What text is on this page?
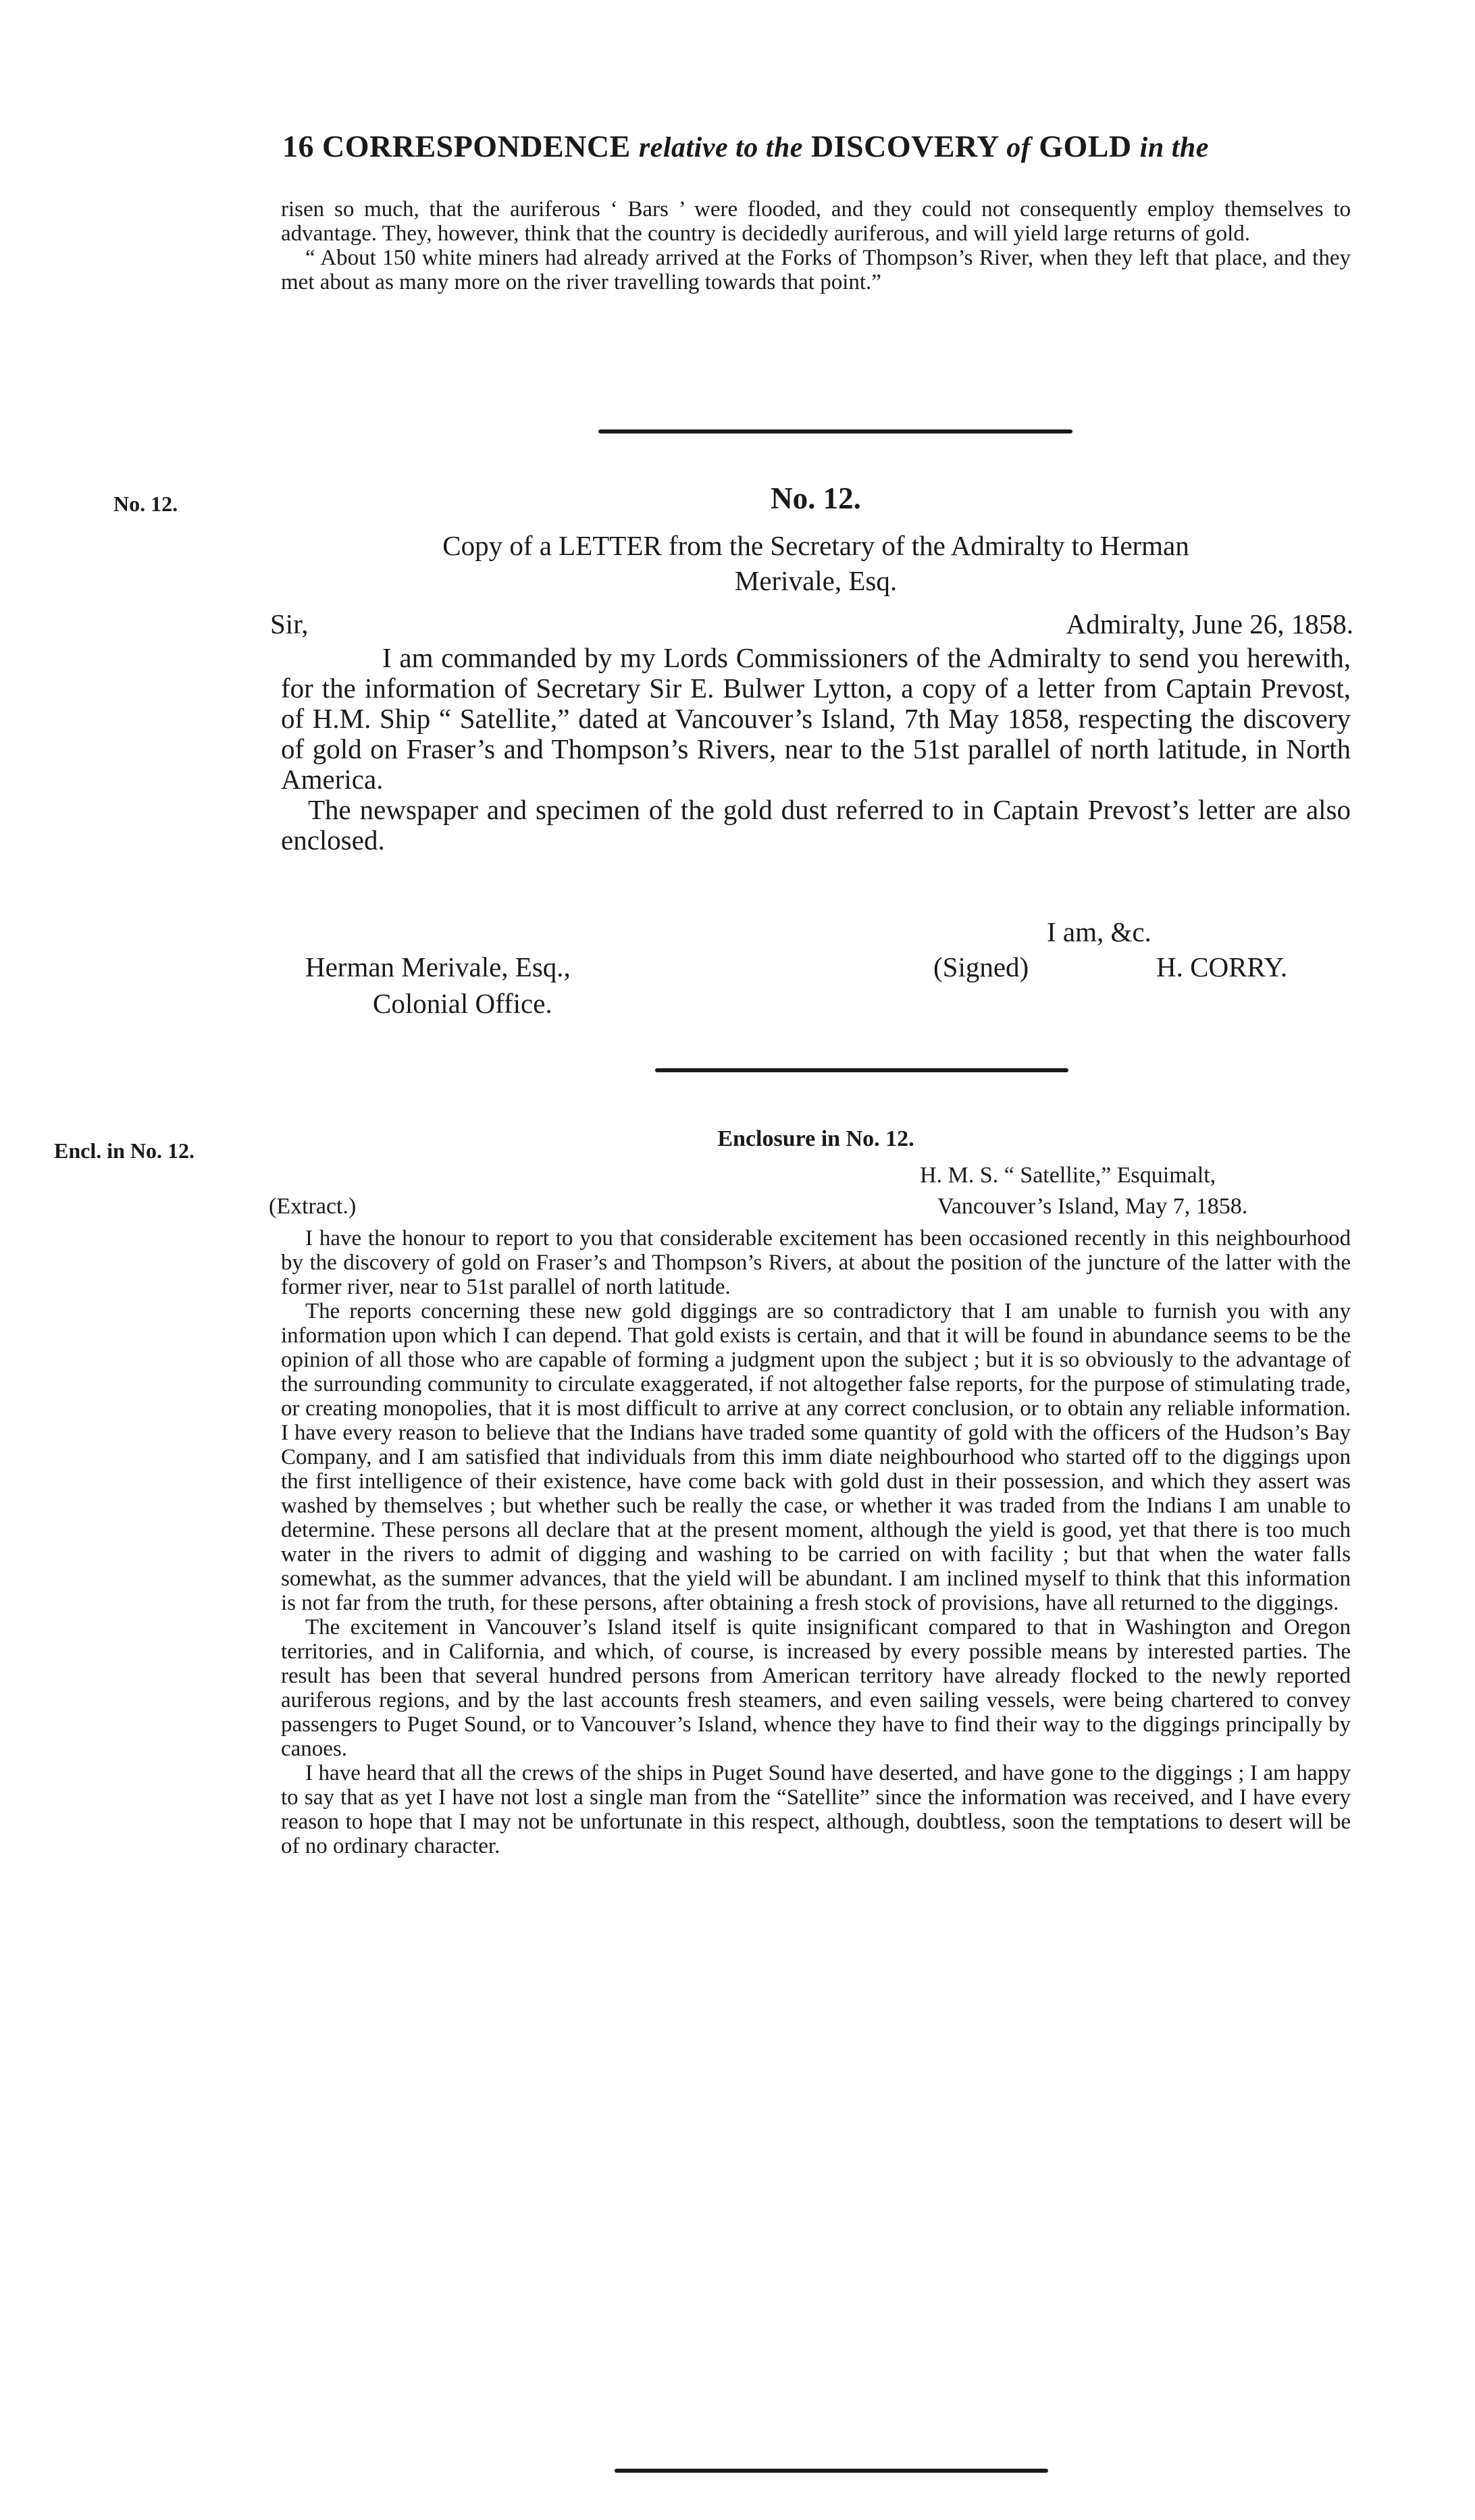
16 CORRESPONDENCE relative to the DISCOVERY of GOLD in the

risen so much, that the auriferous ‘ Bars ’ were flooded, and they could not consequently employ themselves to advantage. They, however, think that the country is decidedly auriferous, and will yield large returns of gold.

“ About 150 white miners had already arrived at the Forks of Thompson’s River, when they left that place, and they met about as many more on the river travelling towards that point.”

No. 12.	No. 12.
Copy of a LETTER from the Secretary of the Admiralty to Herman
Merivale, Esq.
Sir,	Admiralty, June 26, 1858.

I am commanded by my Lords Commissioners of the Admiralty to send you herewith, for the information of Secretary Sir E. Bulwer Lytton, a copy of a letter from Captain Prevost, of H.M. Ship “ Satellite,” dated at Vancouver’s Island, 7th May 1858, respecting the discovery of gold on Fraser’s and Thompson’s Rivers, near to the 51st parallel of north latitude, in North America.

The newspaper and specimen of the gold dust referred to in Captain Prevost’s letter are also enclosed.

I am, &c.
Herman Merivale, Esq.,
Colonial Office.
(Signed)	H. CORRY.
Encl. in No. 12.	Enclosure in No. 12.
H. M. S. “ Satellite,” Esquimalt,
(Extract.)	Vancouver’s Island, May 7, 1858.

I have the honour to report to you that considerable excitement has been occasioned recently in this neighbourhood by the discovery of gold on Fraser’s and Thompson’s Rivers, at about the position of the juncture of the latter with the former river, near to 51st parallel of north latitude.

The reports concerning these new gold diggings are so contradictory that I am unable to furnish you with any information upon which I can depend. That gold exists is certain, and that it will be found in abundance seems to be the opinion of all those who are capable of forming a judgment upon the subject ; but it is so obviously to the advantage of the surrounding community to circulate exaggerated, if not altogether false reports, for the purpose of stimulating trade, or creating monopolies, that it is most difficult to arrive at any correct conclusion, or to obtain any reliable information. I have every reason to believe that the Indians have traded some quantity of gold with the officers of the Hudson’s Bay Company, and I am satisfied that individuals from this imm diate neighbourhood who started off to the diggings upon the first intelligence of their existence, have come back with gold dust in their possession, and which they assert was washed by themselves ; but whether such be really the case, or whether it was traded from the Indians I am unable to determine. These persons all declare that at the present moment, although the yield is good, yet that there is too much water in the rivers to admit of digging and washing to be carried on with facility ; but that when the water falls somewhat, as the summer advances, that the yield will be abundant. I am inclined myself to think that this information is not far from the truth, for these persons, after obtaining a fresh stock of provisions, have all returned to the diggings.

The excitement in Vancouver’s Island itself is quite insignificant compared to that in Washington and Oregon territories, and in California, and which, of course, is increased by every possible means by interested parties. The result has been that several hundred persons from American territory have already flocked to the newly reported auriferous regions, and by the last accounts fresh steamers, and even sailing vessels, were being chartered to convey passengers to Puget Sound, or to Vancouver’s Island, whence they have to find their way to the diggings principally by canoes.

I have heard that all the crews of the ships in Puget Sound have deserted, and have gone to the diggings ; I am happy to say that as yet I have not lost a single man from the “Satellite” since the information was received, and I have every reason to hope that I may not be unfortunate in this respect, although, doubtless, soon the temptations to desert will be of no ordinary character.
